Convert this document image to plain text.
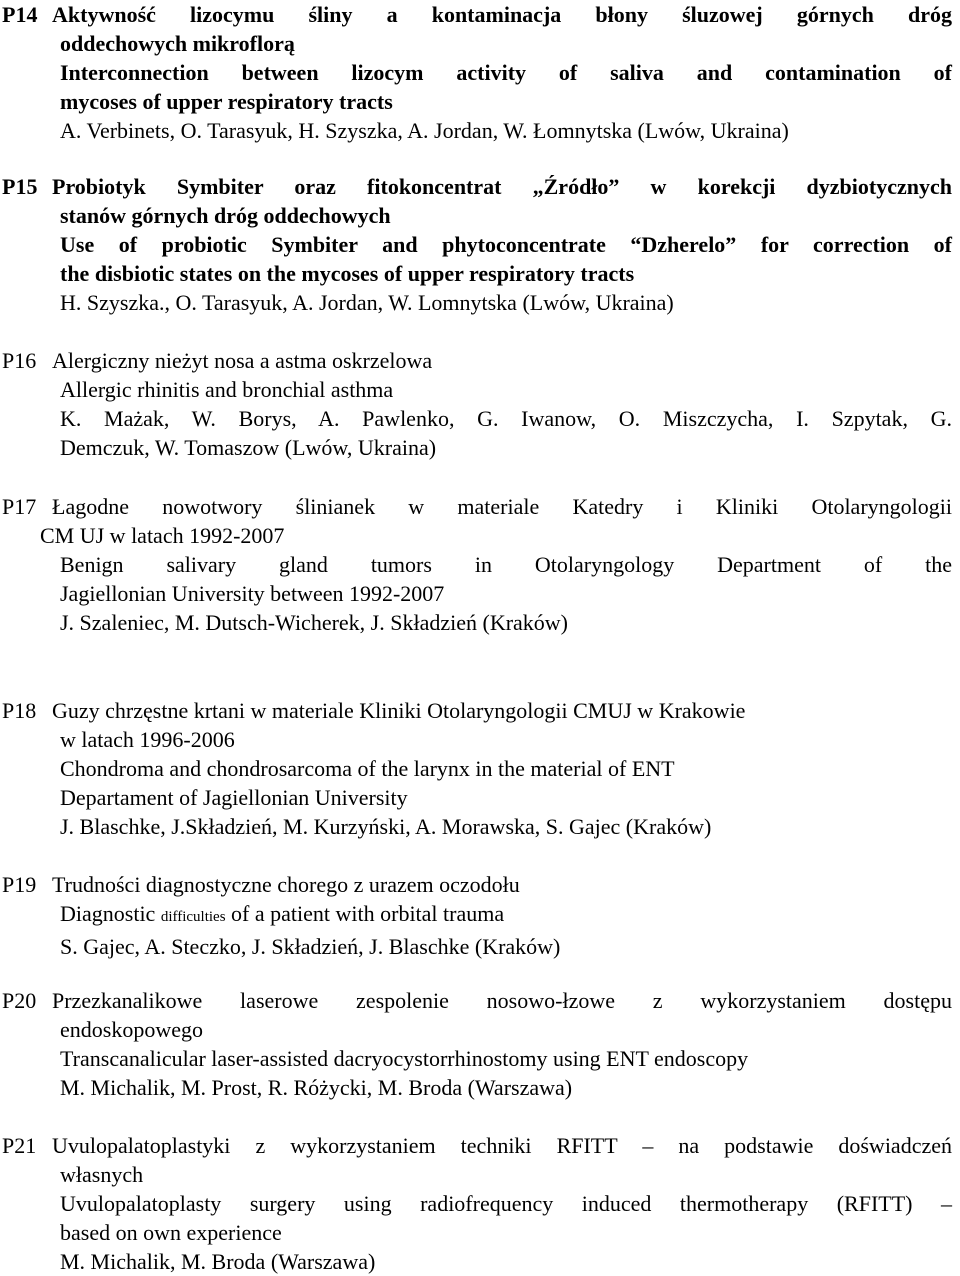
P14 Aktywność lizocymu śliny a kontaminacja błony śluzowej górnych dróg
oddechowych mikroflorą
Interconnection between lizocym activity of saliva and contamination of
mycoses of upper respiratory tracts
A. Verbinets, O. Tarasyuk, H. Szyszka, A. Jordan, W. Łomnytska (Lwów, Ukraina)
P15 Probiotyk Symbiter oraz fitokoncentrat „Źródło” w korekcji dyzbiotycznych
stanów górnych dróg oddechowych
Use of probiotic Symbiter and phytoconcentrate “Dzherelo” for correction of
the disbiotic states on the mycoses of upper respiratory tracts
H. Szyszka., O. Tarasyuk, A. Jordan, W. Lomnytska (Lwów, Ukraina)
P16 Alergiczny nieżyt nosa a astma oskrzelowa
Allergic rhinitis and bronchial asthma
K. Mażak, W. Borys, A. Pawlenko, G. Iwanow, O. Miszczycha, I. Szpytak, G.
Demczuk, W. Tomaszow (Lwów, Ukraina)
P17 Łagodne nowotwory ślinianek w materiale Katedry i Kliniki Otolaryngologii
CM UJ w latach 1992-2007
Benign salivary gland tumors in Otolaryngology Department of the
Jagiellonian University between 1992-2007
J. Szaleniec, M. Dutsch-Wicherek, J. Składzień (Kraków)
P18 Guzy chrzęstne krtani w materiale Kliniki Otolaryngologii CMUJ w Krakowie
w latach 1996-2006
Chondroma and chondrosarcoma of the larynx in the material of ENT
Departament of Jagiellonian University
J. Blaschke, J.Składzień, M. Kurzyński, A. Morawska, S. Gajec (Kraków)
P19 Trudności diagnostyczne chorego z urazem oczodołu
Diagnostic difficulties of a patient with orbital trauma
S. Gajec, A. Steczko, J. Składzień, J. Blaschke (Kraków)
P20 Przezkanalikowe laserowe zespolenie nosowo-łzowe z wykorzystaniem dostępu
endoskopowego
Transcanalicular laser-assisted dacryocystorrhinostomy using ENT endoscopy
M. Michalik, M. Prost, R. Różycki, M. Broda (Warszawa)
P21 Uvulopalatoplastyki z wykorzystaniem techniki RFITT – na podstawie doświadczeń
własnych
Uvulopalatoplasty surgery using radiofrequency induced thermotherapy (RFITT) –
based on own experience
M. Michalik, M. Broda (Warszawa)
